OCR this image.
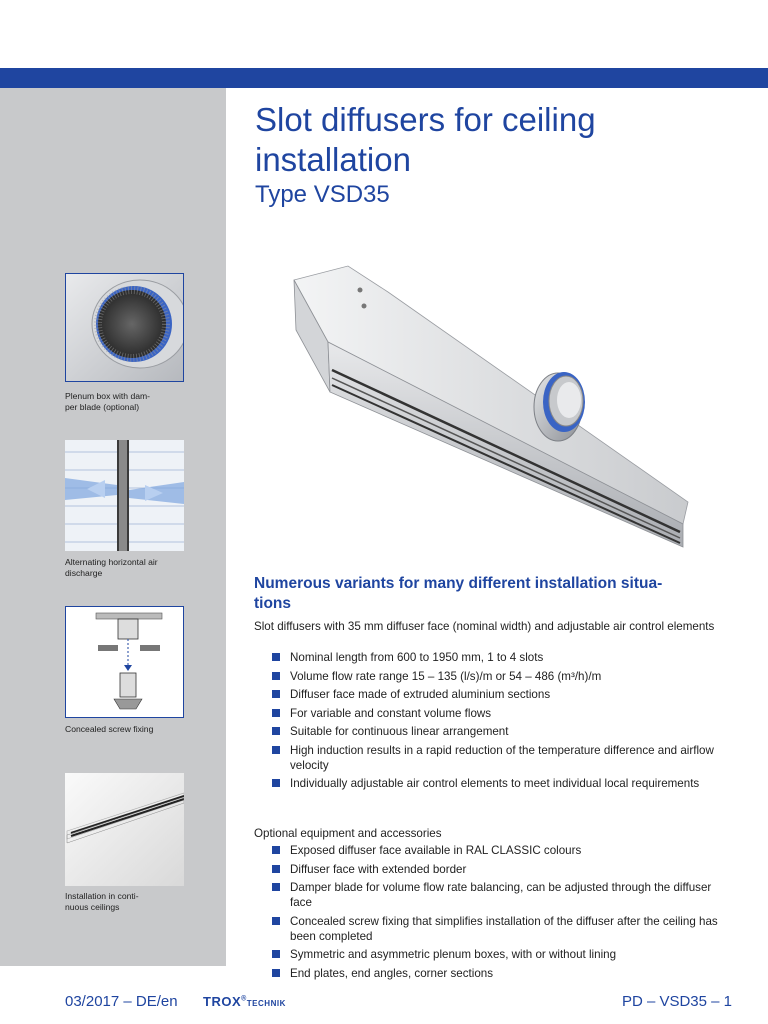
Plenum box with dam-
per blade (optional)
Alternating horizontal air
discharge
Concealed screw fixing
Installation in conti-
nuous ceilings
Slot diffusers for ceiling
installation
Type VSD35
Numerous variants for many different installation situa-
tions
Slot diffusers with 35 mm diffuser face (nominal width) and adjustable air control elements
Nominal length from 600 to 1950 mm, 1 to 4 slots
Volume flow rate range 15 – 135 (l/s)/m or 54 – 486 (m³/h)/m
Diffuser face made of extruded aluminium sections
For variable and constant volume flows
Suitable for continuous linear arrangement
High induction results in a rapid reduction of the temperature difference and airflow velocity
Individually adjustable air control elements to meet individual local requirements
Optional equipment and accessories
Exposed diffuser face available in RAL CLASSIC colours
Diffuser face with extended border
Damper blade for volume flow rate balancing, can be adjusted through the diffuser face
Concealed screw fixing that simplifies installation of the diffuser after the ceiling has been completed
Symmetric and asymmetric plenum boxes, with or without lining
End plates, end angles, corner sections
03/2017 – DE/en TROX®TECHNIK	PD – VSD35 – 1
